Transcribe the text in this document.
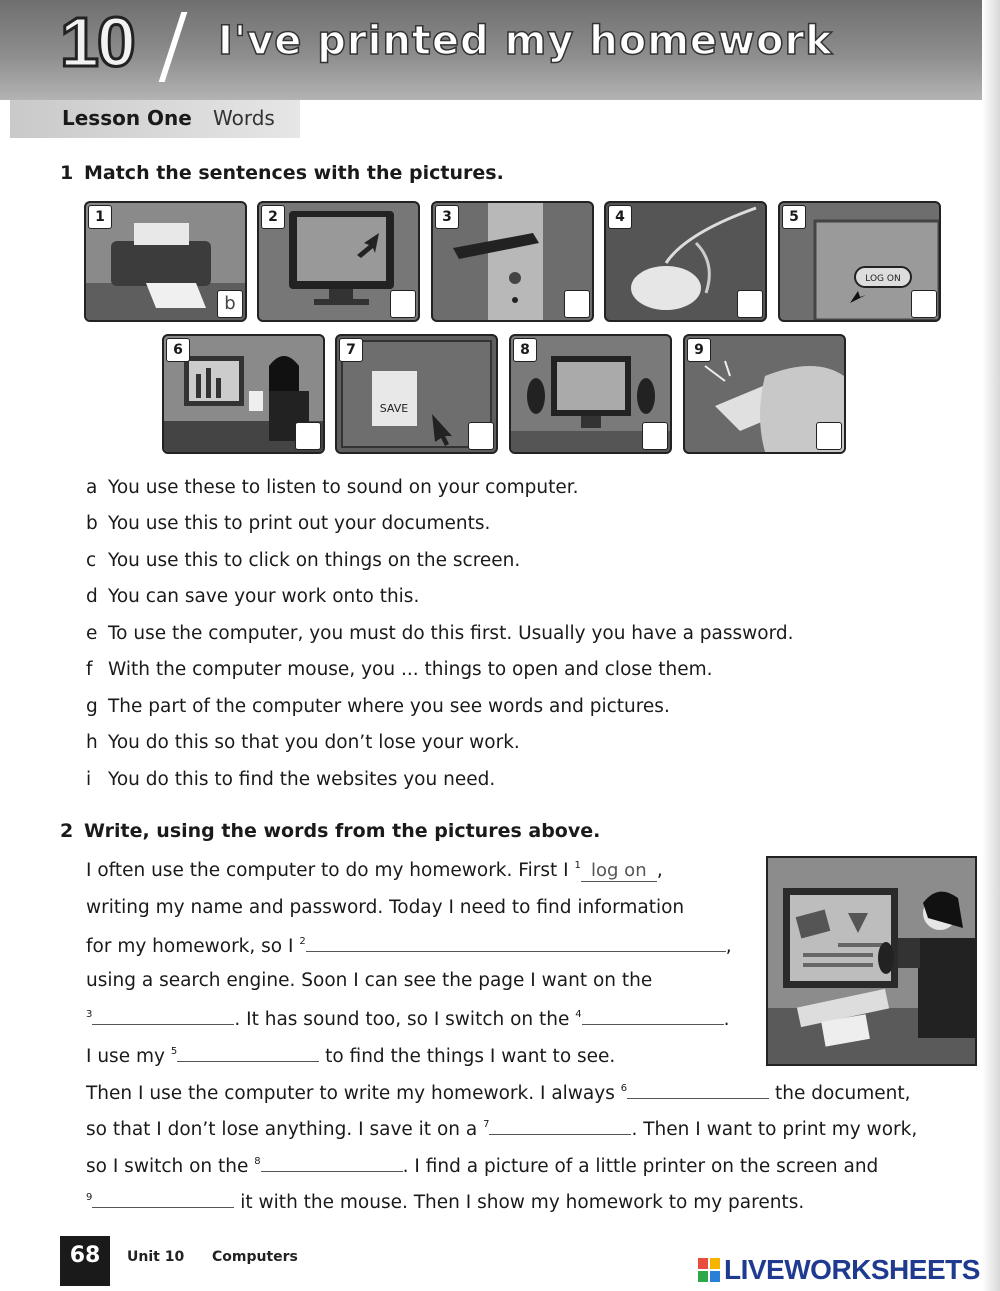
10 I've printed my homework
Lesson One Words
1 Match the sentences with the pictures.
1
b
2	3	4
LOG ON
5
6
SAVE
7	8	9
a You use these to listen to sound on your computer.
b You use this to print out your documents.
c You use this to click on things on the screen.
d You can save your work onto this.
e To use the computer, you must do this first. Usually you have a password.
f With the computer mouse, you ... things to open and close them.
g The part of the computer where you see words and pictures.
h You do this so that you don’t lose your work.
i You do this to find the websites you need.
2 Write, using the words from the pictures above.
I often use the computer to do my homework. First I $^1$ log on ,
writing my name and password. Today I need to find information
for my homework, so I $^2$	,
using a search engine. Soon I can see the page I want on the
$^3$	. It has sound too, so I switch on the $^4$	.
I use my $^5$	to find the things I want to see.
Then I use the computer to write my homework. I always $^6$	the document,
so that I don’t lose anything. I save it on a $^7$	. Then I want to print my work,
so I switch on the $^8$	. I find a picture of a little printer on the screen and
$^9$	it with the mouse. Then I show my homework to my parents.
68	Unit 10 Computers	LIVEWORKSHEETS
